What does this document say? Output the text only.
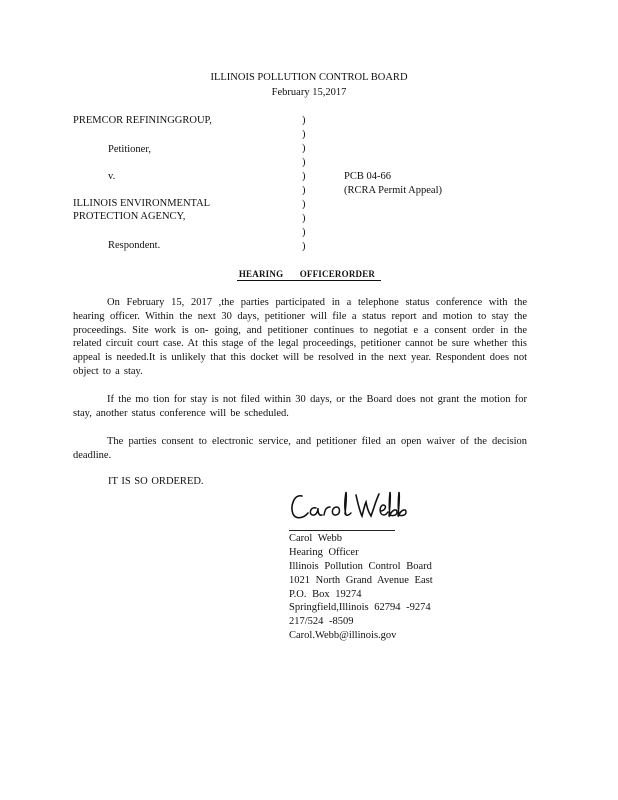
ILLINOIS POLLUTION CONTROL BOARD
February 15,2017
PREMCOR REFININGGROUP,
Petitioner,
v.
ILLINOIS ENVIRONMENTAL
PROTECTION AGENCY,
Respondent.
)
)
)
)
)
)
)
)
)
)
PCB 04-66
(RCRA Permit Appeal)
HEARING OFFICERORDER
On February 15, 2017 ,the parties participated in a telephone status conference with the hearing officer. Within the next 30 days, petitioner will file a status report and motion to stay the proceedings. Site work is on- going, and petitioner continues to negotiat e a consent order in the related circuit court case. At this stage of the legal proceedings, petitioner cannot be sure whether this appeal is needed.It is unlikely that this docket will be resolved in the next year. Respondent does not object to a stay.
If the mo tion for stay is not filed within 30 days, or the Board does not grant the motion for stay, another status conference will be scheduled.
The parties consent to electronic service, and petitioner filed an open waiver of the decision deadline.
IT IS SO ORDERED.
Carol Webb
Hearing Officer
Illinois Pollution Control Board
1021 North Grand Avenue East
P.O. Box 19274
Springfield,Illinois 62794 -9274
217/524 -8509
Carol.Webb@illinois.gov
